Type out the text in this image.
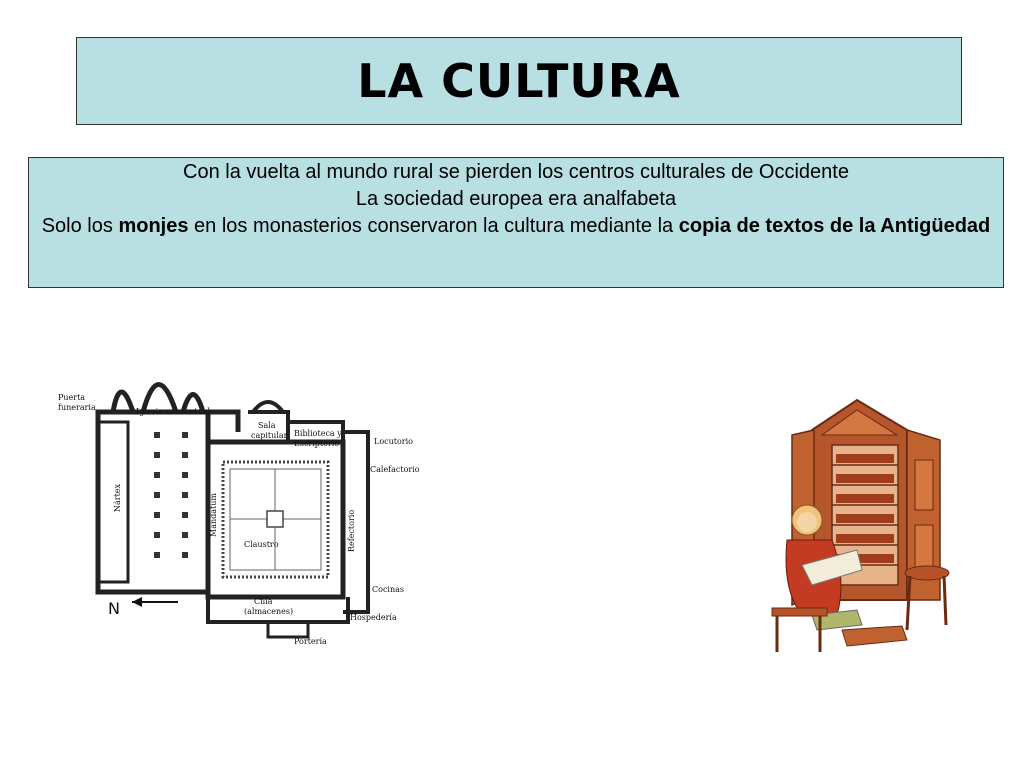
LA CULTURA

Con la vuelta al mundo rural se pierden los centros culturales de Occidente

La sociedad europea era analfabeta

Solo los monjes en los monasterios conservaron la cultura mediante la copia de textos de la Antigüedad

Puerta
funeraria	Iglesia conventual
Sala
capitular Biblioteca y
Escriptorio	Locutorio
Calefactorio
Nártex	Mandatum
Claustro	Refectorio
Cocinas
Cilla
(almacenes)
Hospedería
Portería
N
